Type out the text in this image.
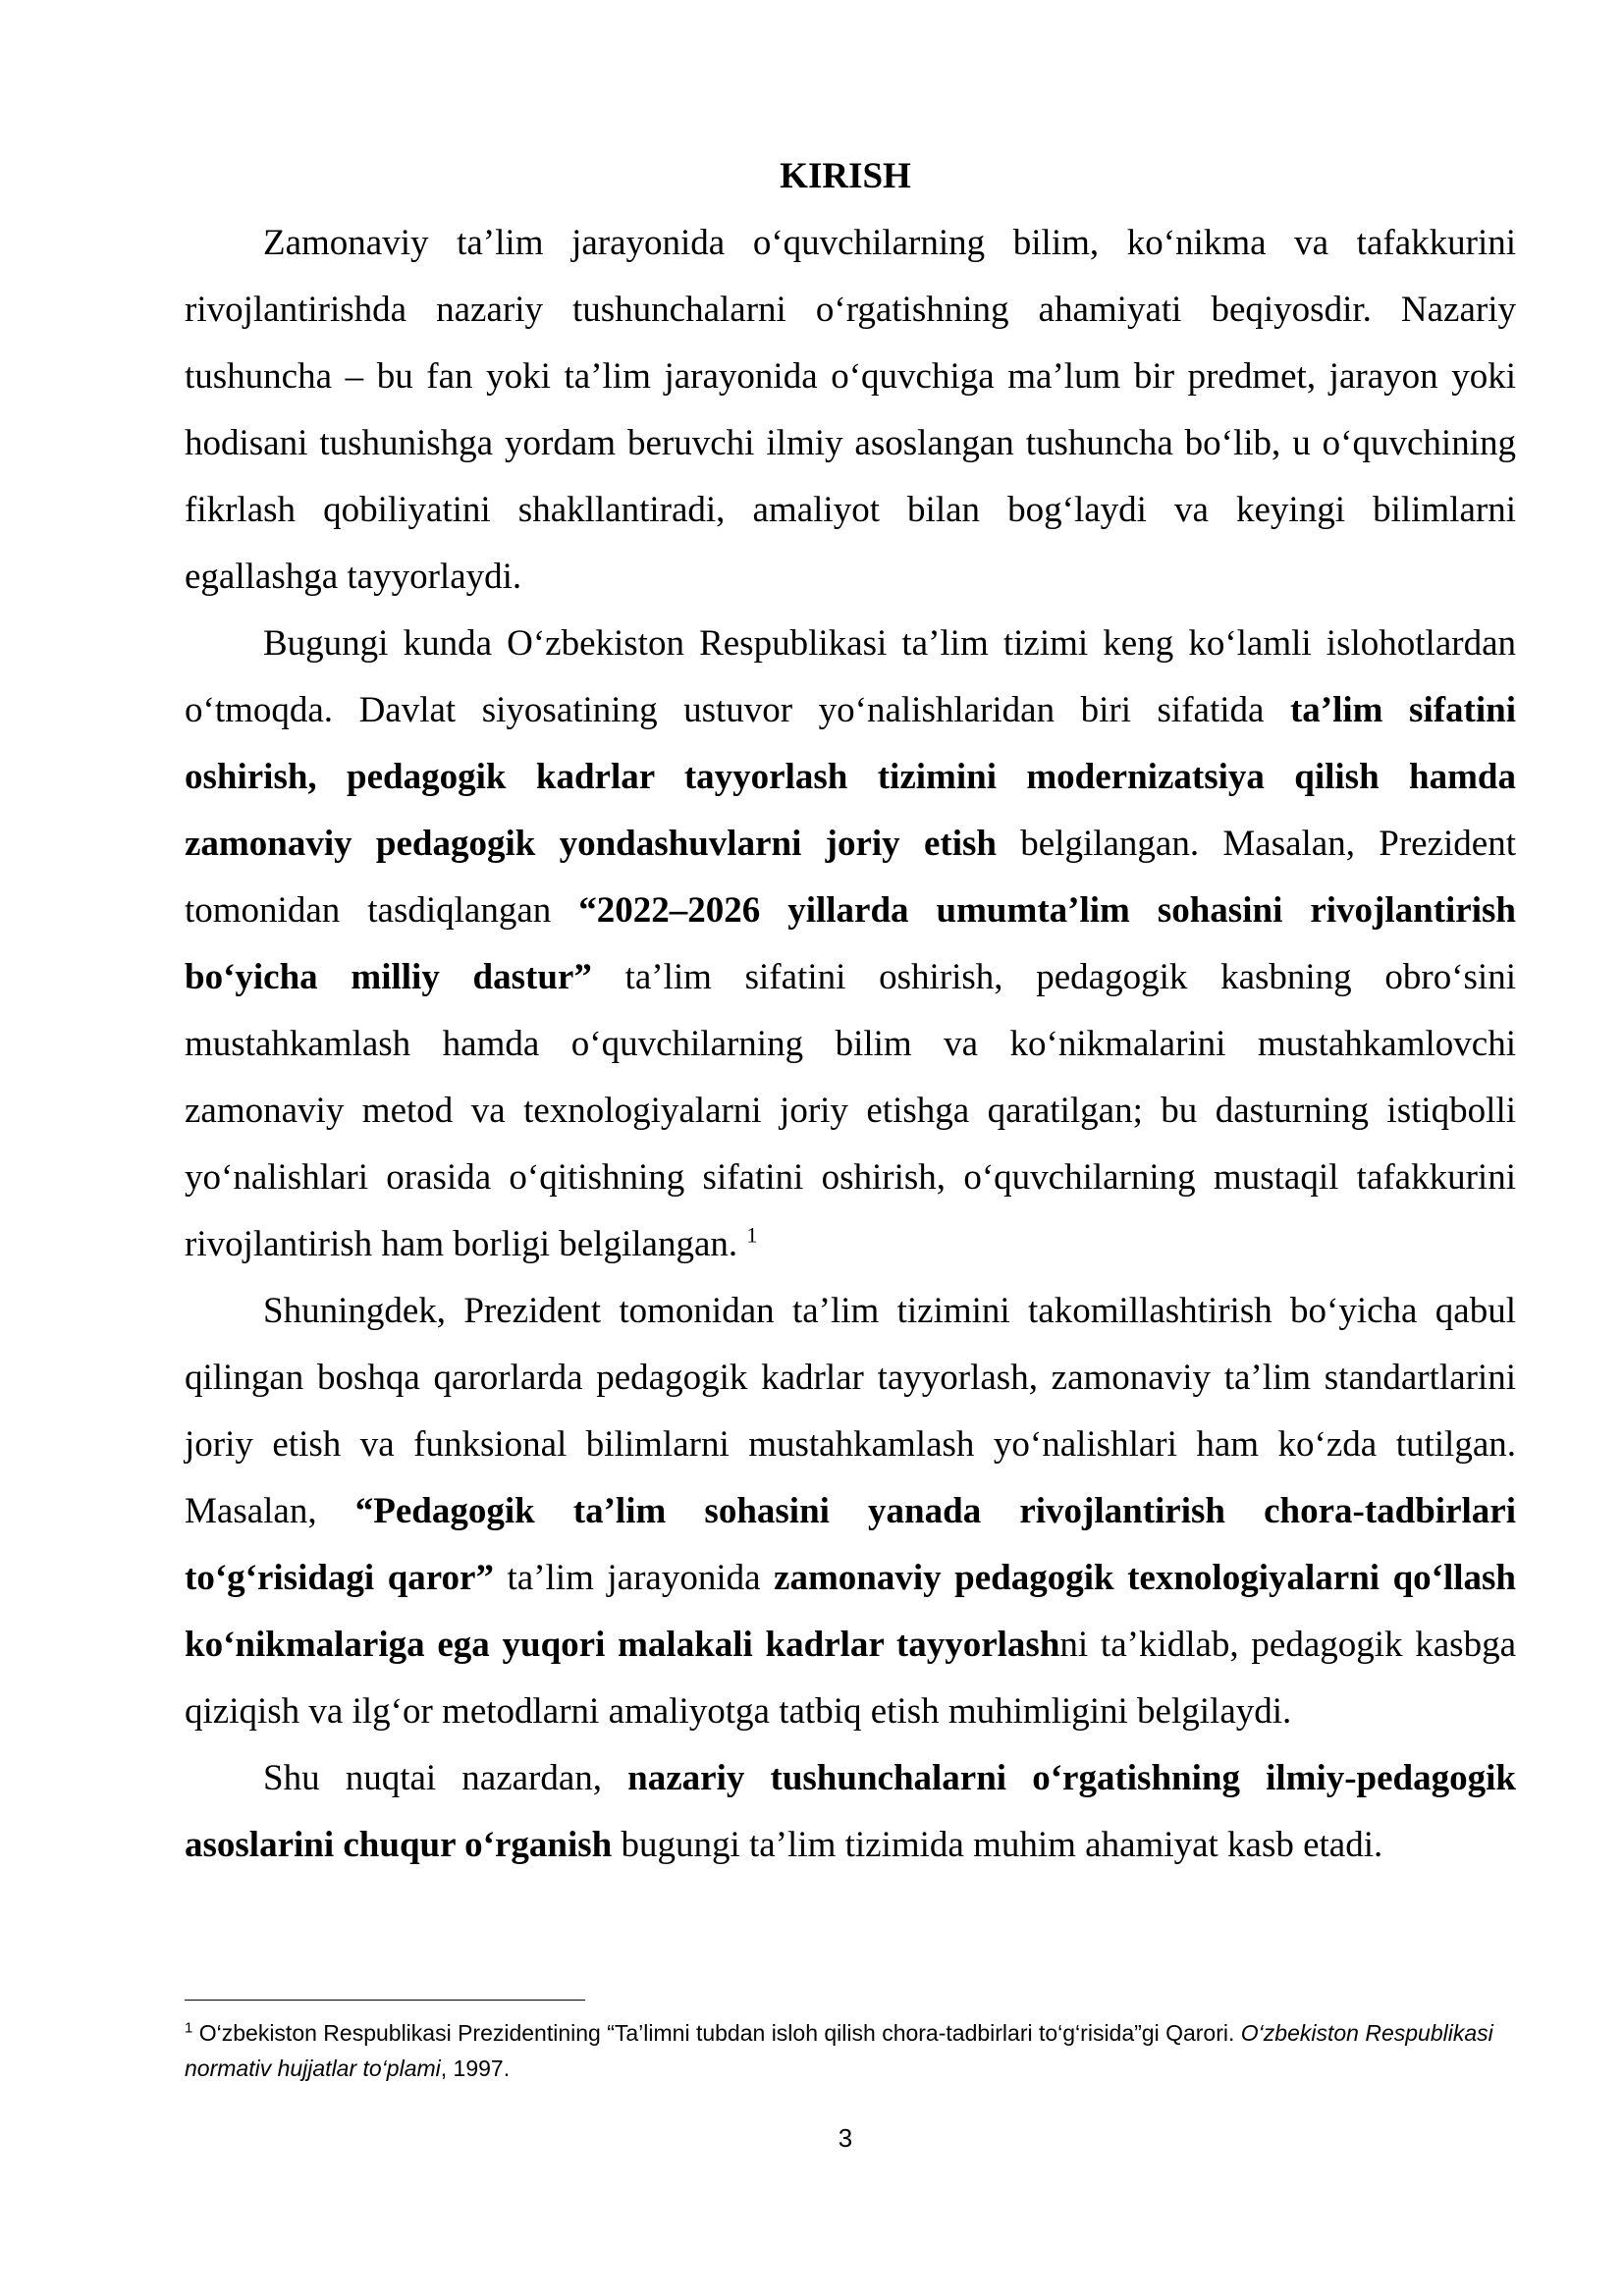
KIRISH

Zamonaviy ta’lim jarayonida o‘quvchilarning bilim, ko‘nikma va tafakkurini rivojlantirishda nazariy tushunchalarni o‘rgatishning ahamiyati beqiyosdir. Nazariy tushuncha – bu fan yoki ta’lim jarayonida o‘quvchiga ma’lum bir predmet, jarayon yoki hodisani tushunishga yordam beruvchi ilmiy asoslangan tushuncha bo‘lib, u o‘quvchining fikrlash qobiliyatini shakllantiradi, amaliyot bilan bog‘laydi va keyingi bilimlarni egallashga tayyorlaydi.

Bugungi kunda O‘zbekiston Respublikasi ta’lim tizimi keng ko‘lamli islohotlardan o‘tmoqda. Davlat siyosatining ustuvor yo‘nalishlaridan biri sifatida ta’lim sifatini oshirish, pedagogik kadrlar tayyorlash tizimini modernizatsiya qilish hamda zamonaviy pedagogik yondashuvlarni joriy etish belgilangan. Masalan, Prezident tomonidan tasdiqlangan “2022–2026 yillarda umumta’lim sohasini rivojlantirish bo‘yicha milliy dastur” ta’lim sifatini oshirish, pedagogik kasbning obro‘sini mustahkamlash hamda o‘quvchilarning bilim va ko‘nikmalarini mustahkamlovchi zamonaviy metod va texnologiyalarni joriy etishga qaratilgan; bu dasturning istiqbolli yo‘nalishlari orasida o‘qitishning sifatini oshirish, o‘quvchilarning mustaqil tafakkurini rivojlantirish ham borligi belgilangan. $^1$

Shuningdek, Prezident tomonidan ta’lim tizimini takomillashtirish bo‘yicha qabul qilingan boshqa qarorlarda pedagogik kadrlar tayyorlash, zamonaviy ta’lim standartlarini joriy etish va funksional bilimlarni mustahkamlash yo‘nalishlari ham ko‘zda tutilgan. Masalan, “Pedagogik ta’lim sohasini yanada rivojlantirish chora-tadbirlari to‘g‘risidagi qaror” ta’lim jarayonida zamonaviy pedagogik texnologiyalarni qo‘llash ko‘nikmalariga ega yuqori malakali kadrlar tayyorlashni ta’kidlab, pedagogik kasbga qiziqish va ilg‘or metodlarni amaliyotga tatbiq etish muhimligini belgilaydi.

Shu nuqtai nazardan, nazariy tushunchalarni o‘rgatishning ilmiy-pedagogik asoslarini chuqur o‘rganish bugungi ta’lim tizimida muhim ahamiyat kasb etadi.

$^1$ O‘zbekiston Respublikasi Prezidentining “Ta’limni tubdan isloh qilish chora-tadbirlari to‘g‘risida”gi Qarori. O‘zbekiston Respublikasi normativ hujjatlar to‘plami, 1997.
3
